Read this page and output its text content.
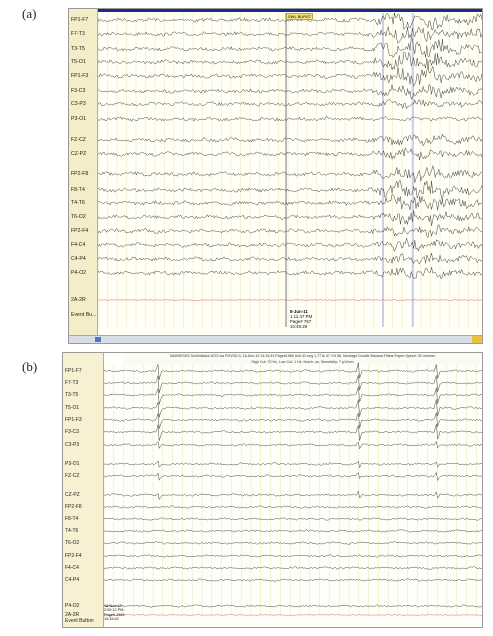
(a)	SWL BURST
8-Jun-11
1:11:47 PM
Page# 767
10:49:29
FP1-F7
F7-T3
T3-T5
T5-O1
FP1-F3
F3-C3
C3-P3
P3-O1
FZ-CZ
CZ-PZ
FP2-F8
F8-T4
T4-T6
T6-O2
FP2-F4
F4-C4
C4-P4
P4-O2
2A-2R
Event Bu...
(b)
SAMSKSKS Sztn0d8dos 3070 via PDVSD-3, 18-Nov-10 14:15:43 Page#1969 Unit 32 eeg 1,77 tk 47 1% 56, Montage Double Banana Filters Paper Speed: 30 mm/sec
High Cut: 70 Hz, Low Cut: 1 Hz, Notch: on, Sensitivity: 7 µV/mm
18-Nov-10
2:00:12 PM
Page# 1969
14:15:42
FP1-F7
F7-T3
T3-T5
T5-O1
FP1-F3
F3-C3
C3-P3
P3-O1
FZ-CZ
CZ-PZ
FP2-F8
F8-T4
T4-T6
T6-O2
FP2-F4
F4-C4
C4-P4
P4-O2
2A-2R
Event Button
